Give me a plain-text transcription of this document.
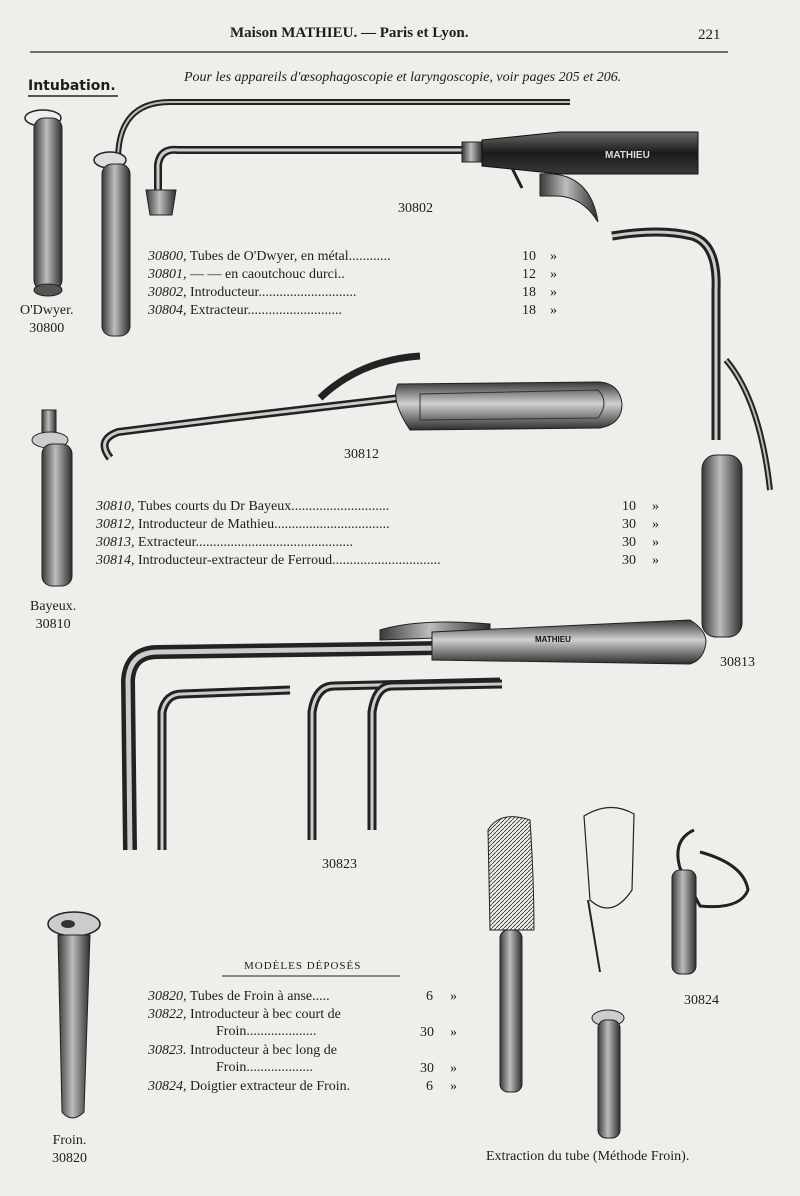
MATHIEU
Maison MATHIEU. — Paris et Lyon.	221
Intubation.
Pour les appareils d'œsophagoscopie et laryngoscopie, voir pages 205 et 206.
O'Dwyer.
30800
30802
30812
30813
Bayeux.
30810
30823
30824
Froin.
30820	Extraction du tube (Méthode Froin).
MATHIEU
30800, Tubes de O'Dwyer, en métal............	10 »
30801, — — en caoutchouc durci..	12 »
30802, Introducteur............................	18 »
30804, Extracteur...........................	18 »
30810, Tubes courts du Dr Bayeux............................	10 »
30812, Introducteur de Mathieu.................................	30 »
30813, Extracteur.............................................	30 »
30814, Introducteur-extracteur de Ferroud...............................	30 »
MODÈLES DÉPOSÉS
30820, Tubes de Froin à anse.....	6 »
30822, Introducteur à bec court de
Froin....................	30 »
30823. Introducteur à bec long de
Froin...................	30 »
30824, Doigtier extracteur de Froin.	6 »
